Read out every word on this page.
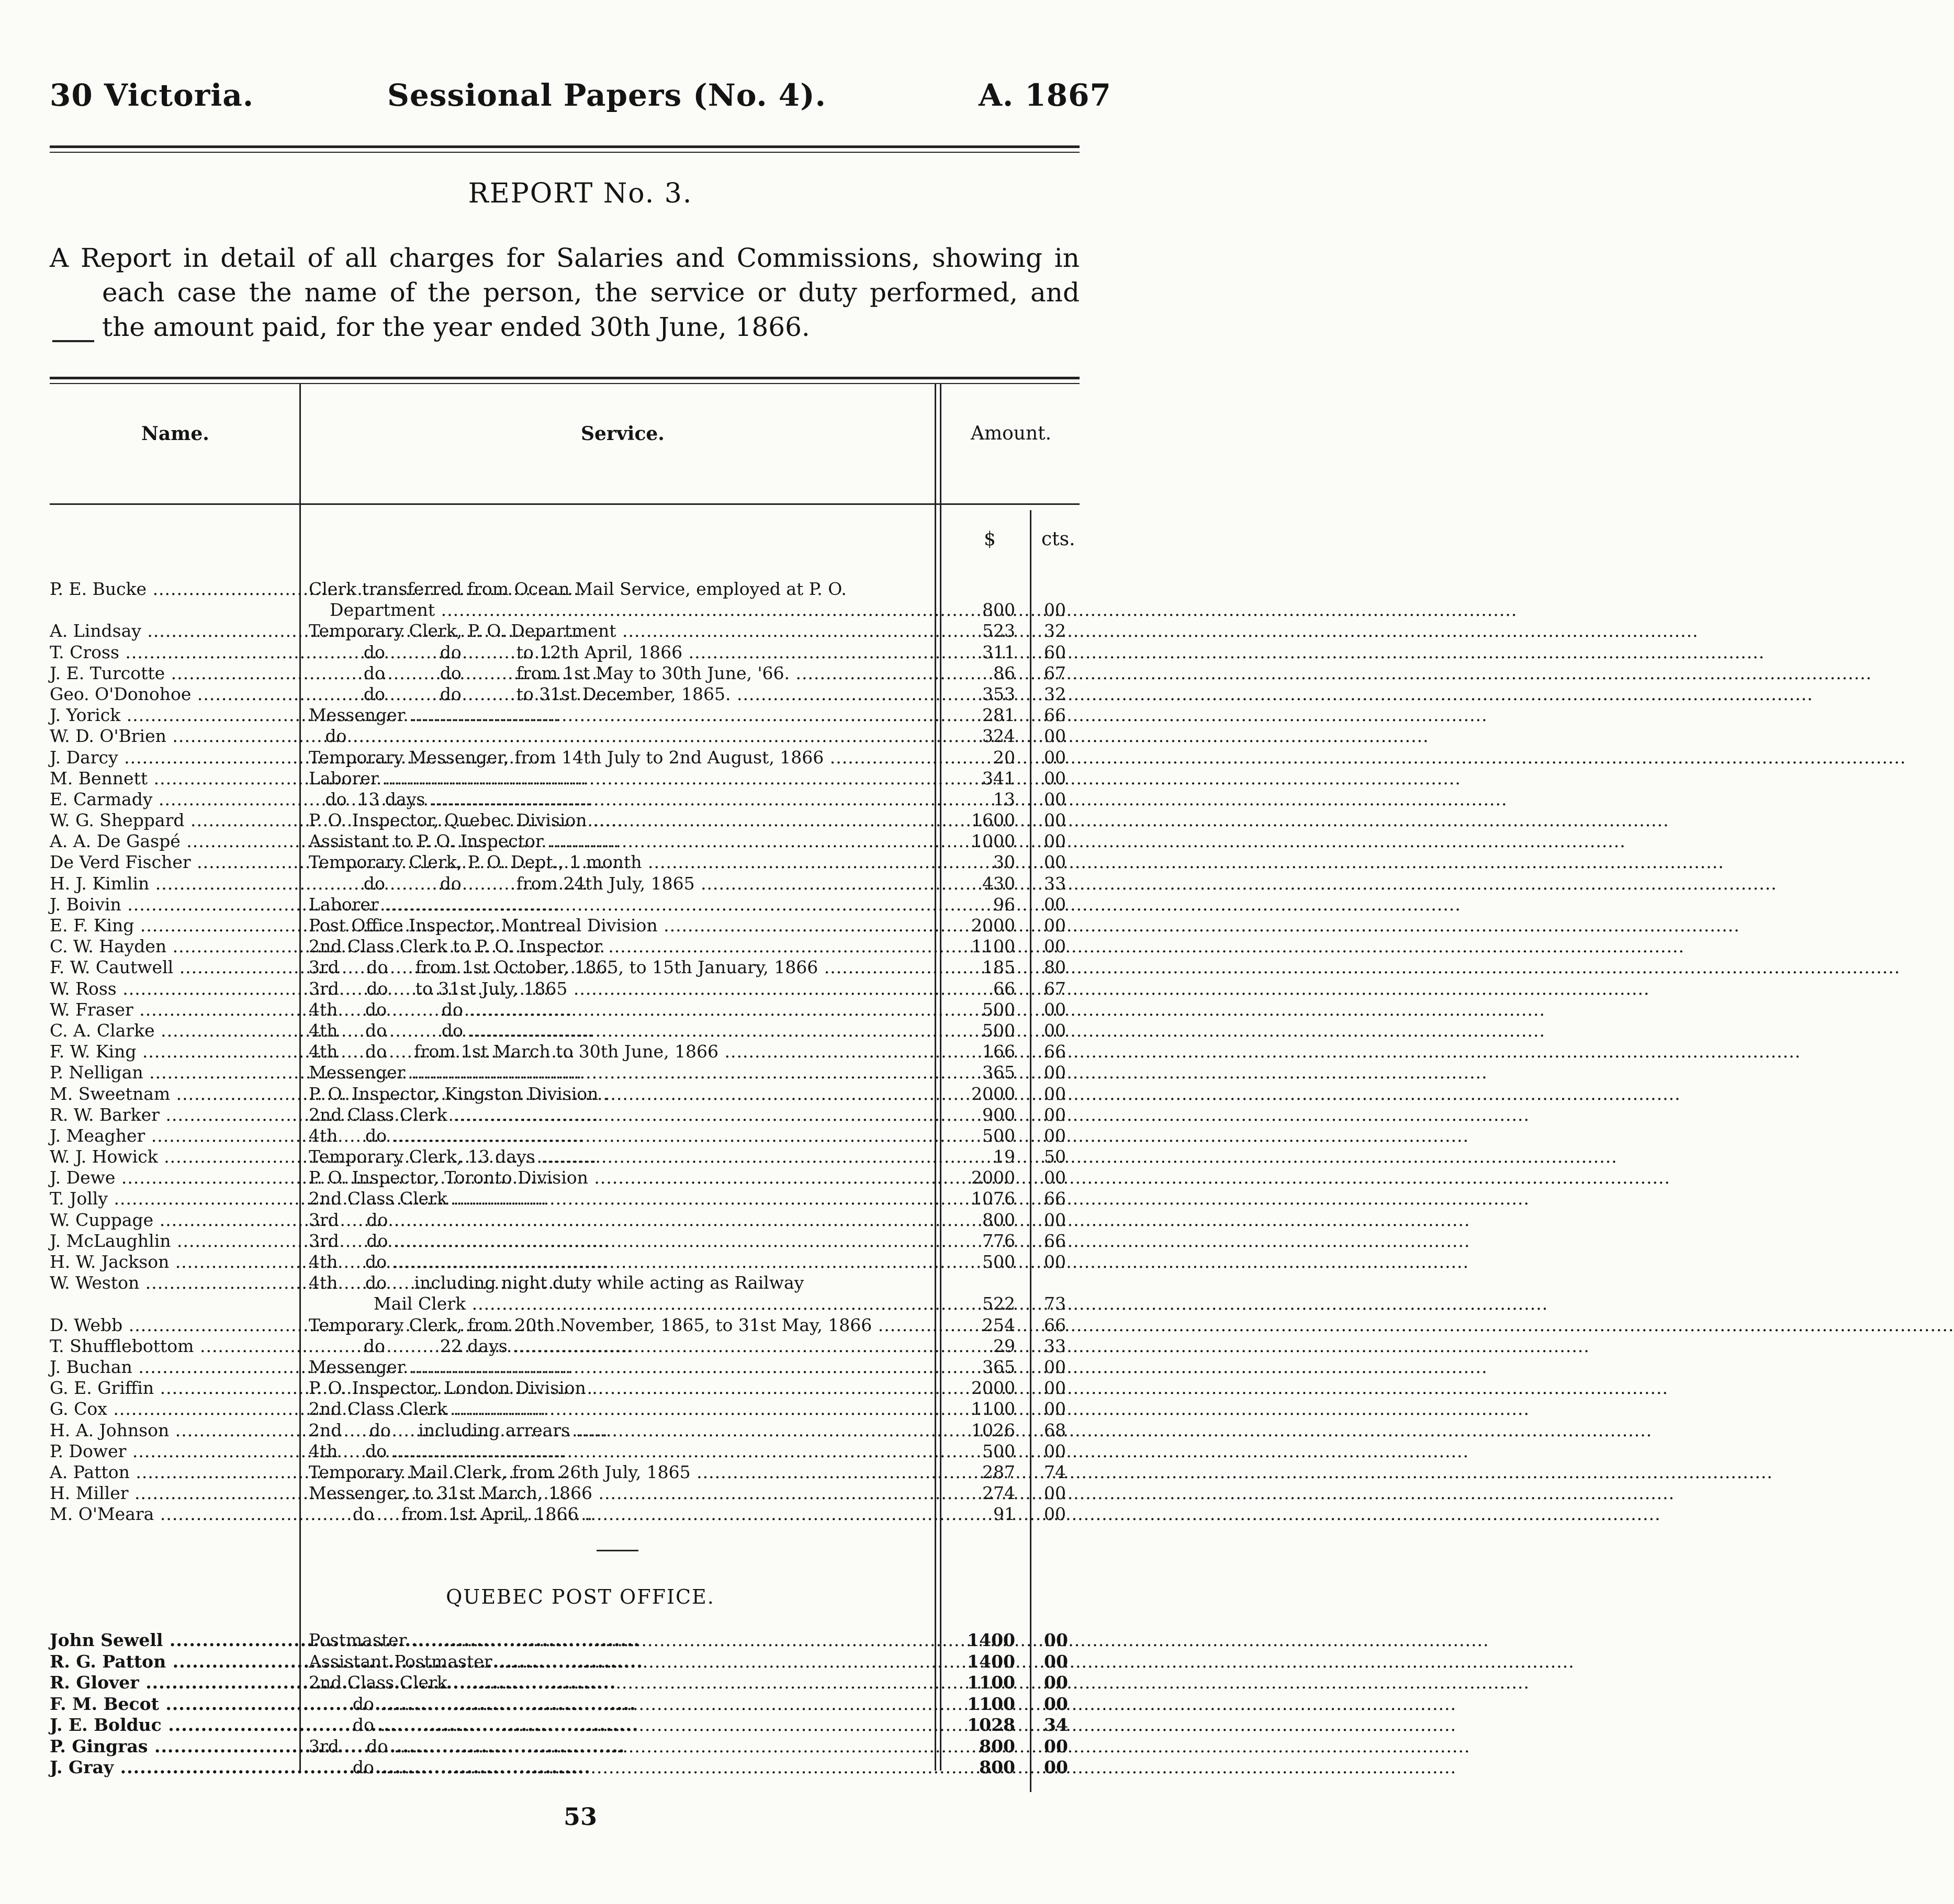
30 Victoria.	Sessional Papers (No. 4).	A. 1867
REPORT No. 3.

A Report in detail of all charges for Salaries and Commissions, showing in each case the name of the person, the service or duty performed, and the amount paid, for the year ended 30th June, 1866.

Name.	Service.	Amount.
$ cts.
P. E. Bucke .....	Clerk transferred from Ocean Mail Service, employed at P. O.
Department .....	800 00
A. Lindsay .....	Temporary Clerk, P. O. Department .....	523 32
T. Cross .....	do          do          to 12th April, 1866 .....	311 60
J. E. Turcotte .....	do          do          from 1st May to 30th June, '66. .....	86 67
Geo. O'Donohoe .....	do          do          to 31st December, 1865. .....	353 32
J. Yorick .....	Messenger .....	281 66
W. D. O'Brien .....	do .....	324 00
J. Darcy .....	Temporary Messenger, from 14th July to 2nd August, 1866 .....	20 00
M. Bennett .....	Laborer .....	341 00
E. Carmady .....	do  13 days .....	13 00
W. G. Sheppard .....	P. O. Inspector, Quebec Division .....	1600 00
A. A. De Gaspé .....	Assistant to P. O. Inspector .....	1000 00
De Verd Fischer .....	Temporary Clerk, P. O. Dept., 1 month .....	30 00
H. J. Kimlin .....	do          do          from 24th July, 1865 .....	430 33
J. Boivin .....	Laborer .....	96 00
E. F. King .....	Post Office Inspector, Montreal Division .....	2000 00
C. W. Hayden .....	2nd Class Clerk to P. O. Inspector .....	1100 00
F. W. Cautwell .....	3rd     do     from 1st October, 1865, to 15th January, 1866 .....	185 80
W. Ross .....	3rd     do     to 31st July, 1865 .....	66 67
W. Fraser .....	4th     do          do .....	500 00
C. A. Clarke .....	4th     do          do .....	500 00
F. W. King .....	4th     do     from 1st March to 30th June, 1866 .....	166 66
P. Nelligan .....	Messenger .....	365 00
M. Sweetnam .....	P. O. Inspector, Kingston Division .....	2000 00
R. W. Barker .....	2nd Class Clerk .....	900 00
J. Meagher .....	4th     do .....	500 00
W. J. Howick .....	Temporary Clerk, 13 days .....	19 50
J. Dewe .....	P. O. Inspector, Toronto Division .....	2000 00
T. Jolly .....	2nd Class Clerk .....	1076 66
W. Cuppage .....	3rd     do .....	800 00
J. McLaughlin .....	3rd     do .....	776 66
H. W. Jackson .....	4th     do .....	500 00
W. Weston .....	4th     do     including night duty while acting as Railway
Mail Clerk .....	522 73
D. Webb .....	Temporary Clerk, from 20th November, 1865, to 31st May, 1866 .....	254 66
T. Shufflebottom .....	do          22 days .....	29 33
J. Buchan .....	Messenger .....	365 00
G. E. Griffin .....	P. O. Inspector, London Division .....	2000 00
G. Cox .....	2nd Class Clerk .....	1100 00
H. A. Johnson .....	2nd     do     including arrears .....	1026 68
P. Dower .....	4th     do .....	500 00
A. Patton .....	Temporary Mail Clerk, from 26th July, 1865 .....	287 74
H. Miller .....	Messenger, to 31st March, 1866 .....	274 00
M. O'Meara .....	do     from 1st April, 1866 .....	91 00
QUEBEC POST OFFICE.
John Sewell .....	Postmaster .....	1400 00
R. G. Patton .....	Assistant Postmaster .....	1400 00
R. Glover .....	2nd Class Clerk .....	1100 00
F. M. Becot .....	do .....	1100 00
J. E. Bolduc .....	do .....	1028 34
P. Gingras .....	3rd     do .....	800 00
J. Gray .....	do .....	800 00
53
